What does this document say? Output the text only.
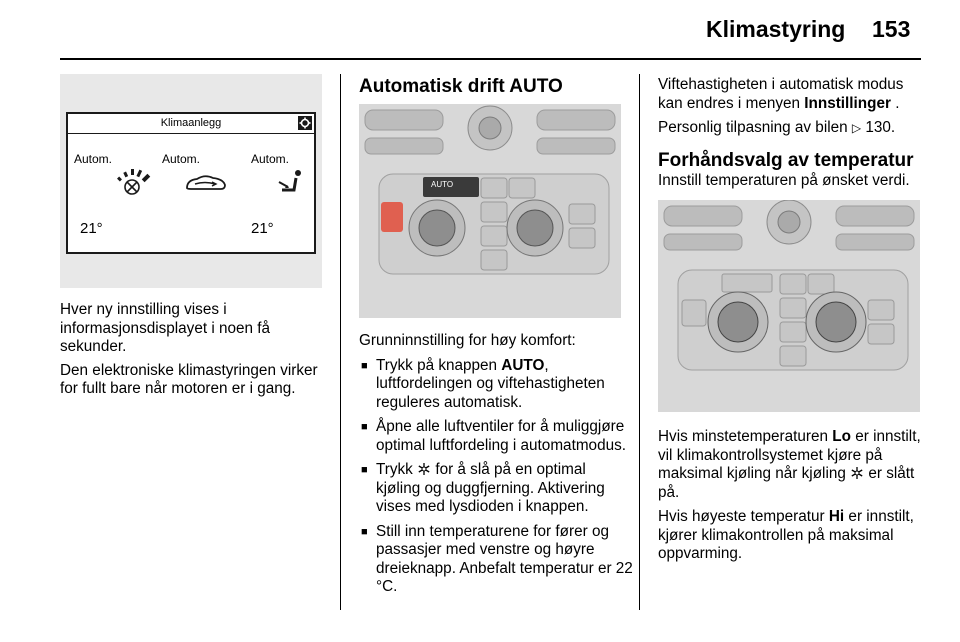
Klimastyring 153
Klimaanlegg
Autom.	Autom.	Autom.
21°	21°

Hver ny innstilling vises i informasjonsdisplayet i noen få sekunder.

Den elektroniske klimastyringen virker for fullt bare når motoren er i gang.

Automatisk drift AUTO
AUTO

Grunninnstilling for høy komfort:

■ Trykk på knappen AUTO, luftfordelingen og viftehastigheten reguleres automatisk.
■ Åpne alle luftventiler for å muliggjøre optimal luftfordeling i automatmodus.
■ Trykk  for å slå på en optimal kjøling og duggfjerning. Aktivering vises med lysdioden i knappen.
■ Still inn temperaturene for fører og passasjer med venstre og høyre dreieknapp. Anbefalt temperatur er 22 °C.

Viftehastigheten i automatisk modus kan endres i menyen Innstillinger .

Personlig tilpasning av bilen ▷ 130.

Forhåndsvalg av temperatur

Innstill temperaturen på ønsket verdi.

Hvis minstetemperaturen Lo er innstilt, vil klimakontrollsystemet kjøre på maksimal kjøling når kjøling  er slått på.

Hvis høyeste temperatur Hi er innstilt, kjører klimakontrollen på maksimal oppvarming.
